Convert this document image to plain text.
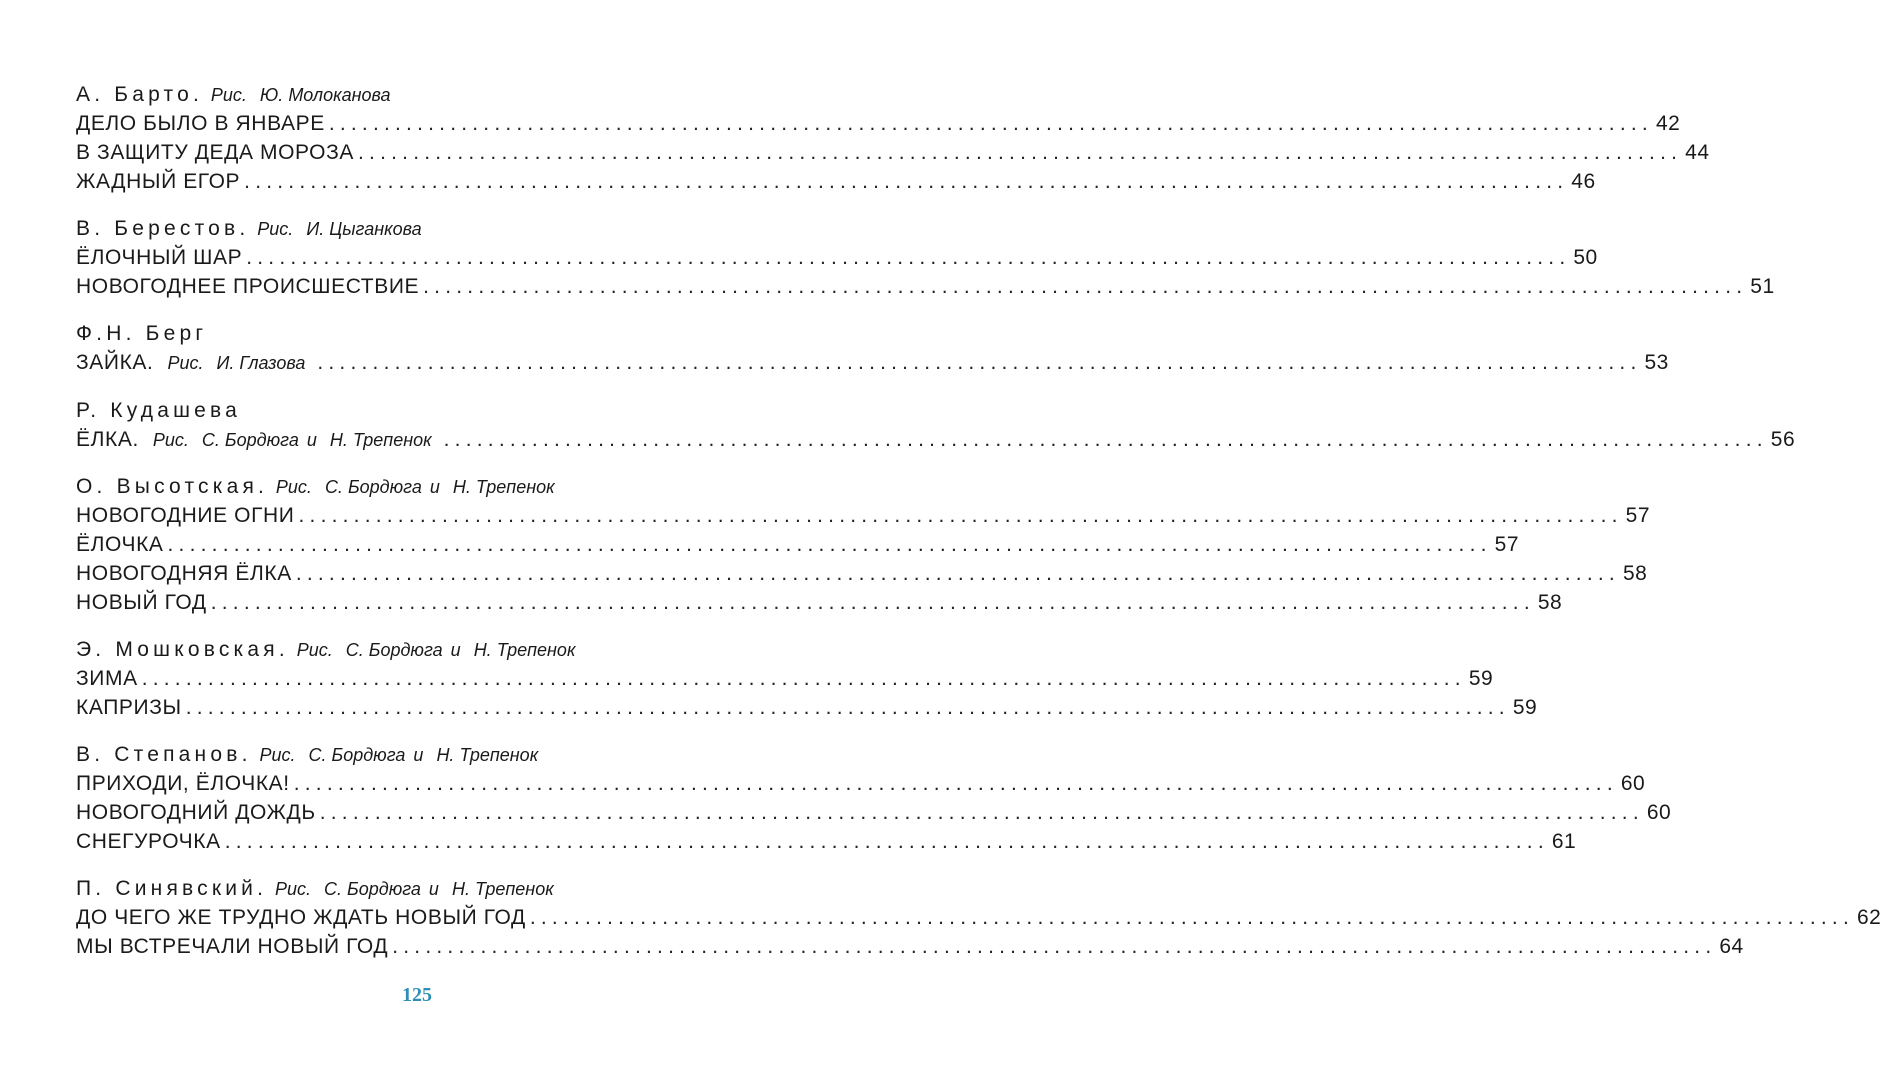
А. Барто . Рис. Ю. Молоканова
ДЕЛО БЫЛО В ЯНВАРЕ ........................................................................................................................ 42
В ЗАЩИТУ ДЕДА МОРОЗА ........................................................................................................................ 44
ЖАДНЫЙ ЕГОР ........................................................................................................................ 46
В. Берестов . Рис. И. Цыганкова
ЁЛОЧНЫЙ ШАР ........................................................................................................................ 50
НОВОГОДНЕЕ ПРОИСШЕСТВИЕ ........................................................................................................................ 51
Ф.Н. Берг
ЗАЙКА. Рис. И. Глазова ........................................................................................................................ 53
Р. Кудашева
ЁЛКА. Рис. С. Бордюга и Н. Трепенок ........................................................................................................................ 56
О. Высотская . Рис. С. Бордюга и Н. Трепенок
НОВОГОДНИЕ ОГНИ ........................................................................................................................ 57
ЁЛОЧКА ........................................................................................................................ 57
НОВОГОДНЯЯ ЁЛКА ........................................................................................................................ 58
НОВЫЙ ГОД ........................................................................................................................ 58
Э. Мошковская . Рис. С. Бордюга и Н. Трепенок
ЗИМА ........................................................................................................................ 59
КАПРИЗЫ ........................................................................................................................ 59
В. Степанов . Рис. С. Бордюга и Н. Трепенок
ПРИХОДИ, ЁЛОЧКА! ........................................................................................................................ 60
НОВОГОДНИЙ ДОЖДЬ ........................................................................................................................ 60
СНЕГУРОЧКА ........................................................................................................................ 61
П. Синявский . Рис. С. Бордюга и Н. Трепенок
ДО ЧЕГО ЖЕ ТРУДНО ЖДАТЬ НОВЫЙ ГОД ........................................................................................................................ 62
МЫ ВСТРЕЧАЛИ НОВЫЙ ГОД ........................................................................................................................ 64
125
